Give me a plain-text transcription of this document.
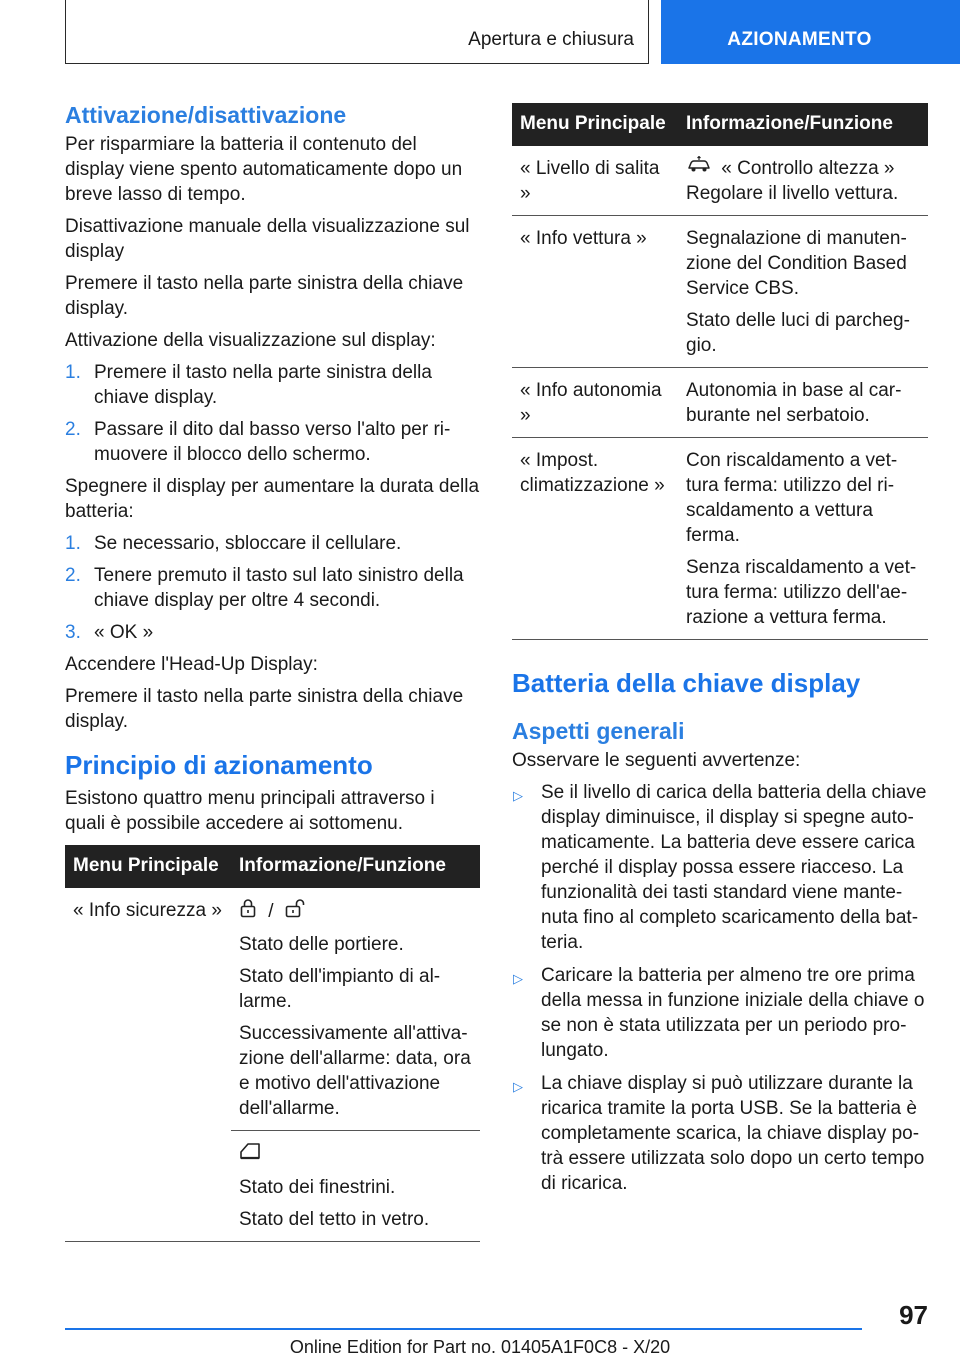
Apertura e chiusura	AZIONAMENTO
Attivazione/disattivazione

Per risparmiare la batteria il contenuto del display viene spento automaticamente dopo un breve lasso di tempo.

Disattivazione manuale della visualizzazione sul display

Premere il tasto nella parte sinistra della chiave display.

Attivazione della visualizzazione sul display:

1. Premere il tasto nella parte sinistra della chiave display.
2. Passare il dito dal basso verso l'alto per rimuovere il blocco dello schermo.

Spegnere il display per aumentare la durata della batteria:

1. Se necessario, sbloccare il cellulare.
2. Tenere premuto il tasto sul lato sinistro della chiave display per oltre 4 secondi.
3. « OK »

Accendere l'Head-Up Display:

Premere il tasto nella parte sinistra della chiave display.

Principio di azionamento

Esistono quattro menu principali attraverso i quali è possibile accedere ai sottomenu.

Menu Principale	Informazione/Funzione
« Info sicurezza »	/
Stato delle portiere.
Stato dell'impianto di allarme.
Successivamente all'attivazione dell'allarme: data, ora e motivo dell'attivazione dell'allarme.

	Stato dei finestrini.
Stato del tetto in vetro.
Menu Principale	Informazione/Funzione
« Livello di salita »	« Controllo altezza » Regolare il livello vettura.
« Info vettura »	Segnalazione di manutenzione del Condition Based Service CBS.
Stato delle luci di parcheggio.

« Info autonomia »	Autonomia in base al carburante nel serbatoio.

« Impost. climatizzazione »	Con riscaldamento a vettura ferma: utilizzo del riscaldamento a vettura ferma.
Senza riscaldamento a vettura ferma: utilizzo dell'aerazione a vettura ferma.
Batteria della chiave display
Aspetti generali

Osservare le seguenti avvertenze:

▷ Se il livello di carica della batteria della chiave display diminuisce, il display si spegne automaticamente. La batteria deve essere carica perché il display possa essere riacceso. La funzionalità dei tasti standard viene mantenuta fino al completo scaricamento della batteria.
▷ Caricare la batteria per almeno tre ore prima della messa in funzione iniziale della chiave o se non è stata utilizzata per un periodo prolungato.
▷ La chiave display si può utilizzare durante la ricarica tramite la porta USB. Se la batteria è completamente scarica, la chiave display potrà essere utilizzata solo dopo un certo tempo di ricarica.
97
Online Edition for Part no. 01405A1F0C8 - X/20
